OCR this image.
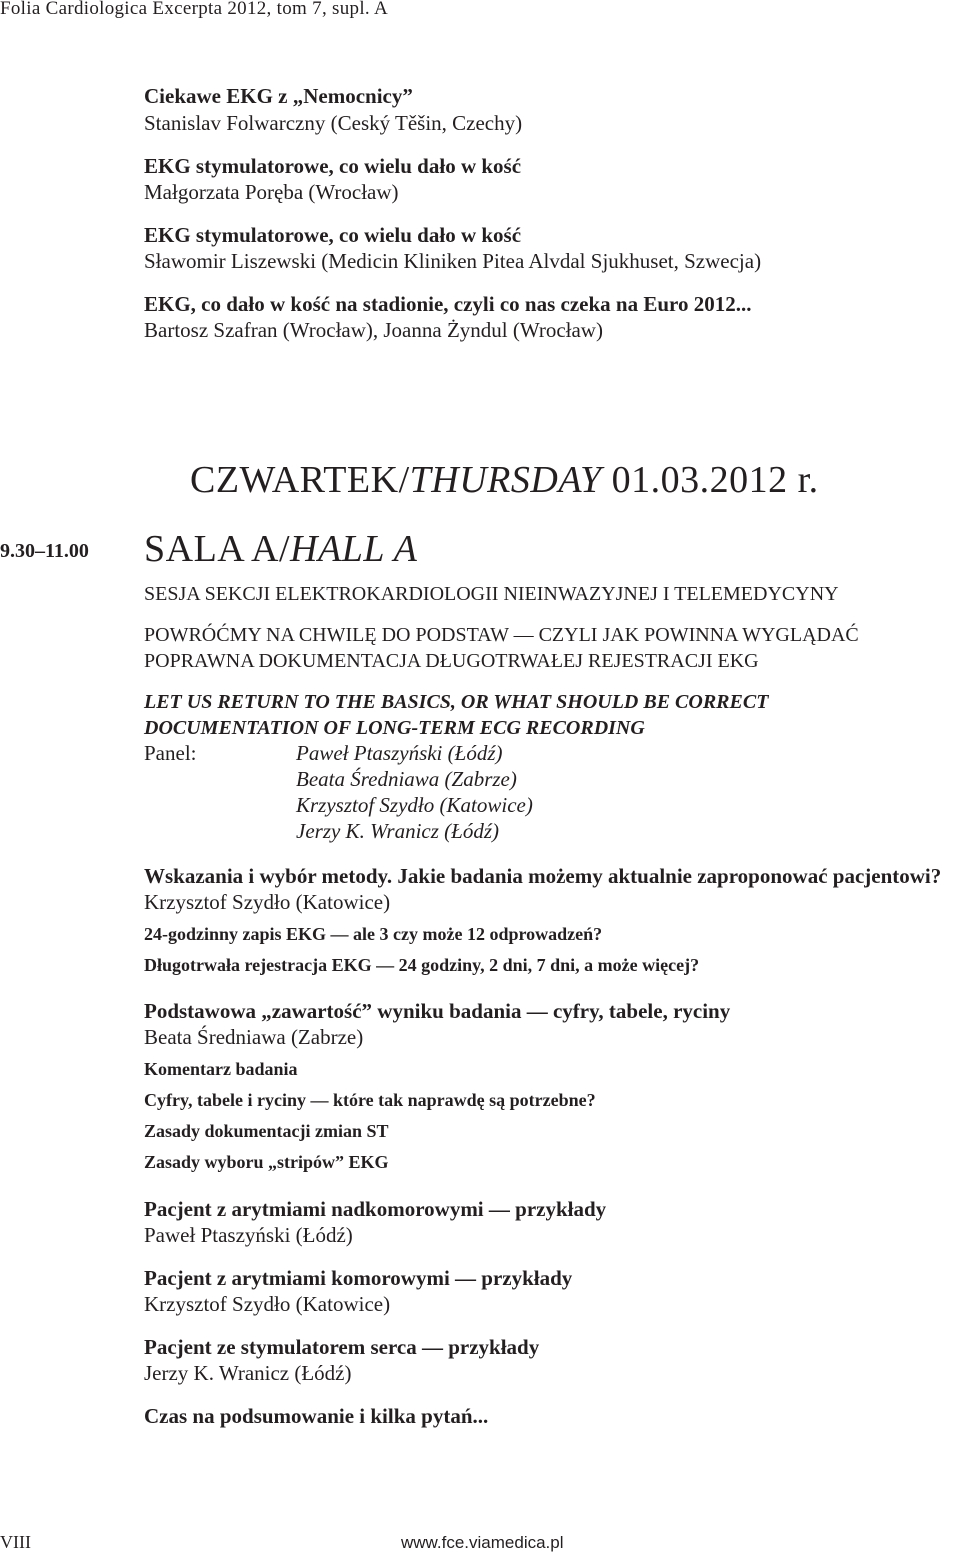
Folia Cardiologica Excerpta 2012, tom 7, supl. A
Ciekawe EKG z „Nemocnicy”
Stanislav Folwarczny (Ceský Těšin, Czechy)
EKG stymulatorowe, co wielu dało w kość
Małgorzata Poręba (Wrocław)
EKG stymulatorowe, co wielu dało w kość
Sławomir Liszewski (Medicin Kliniken Pitea Alvdal Sjukhuset, Szwecja)
EKG, co dało w kość na stadionie, czyli co nas czeka na Euro 2012...
Bartosz Szafran (Wrocław), Joanna Żyndul (Wrocław)
CZWARTEK/THURSDAY 01.03.2012 r.
9.30–11.00 SALA A/HALL A
SESJA SEKCJI ELEKTROKARDIOLOGII NIEINWAZYJNEJ I TELEMEDYCYNY
POWRÓĆMY NA CHWILĘ DO PODSTAW — CZYLI JAK POWINNA WYGLĄDAĆ
POPRAWNA DOKUMENTACJA DŁUGOTRWAŁEJ REJESTRACJI EKG
LET US RETURN TO THE BASICS, OR WHAT SHOULD BE CORRECT
DOCUMENTATION OF LONG-TERM ECG RECORDING
Panel:	Paweł Ptaszyński (Łódź)
Beata Średniawa (Zabrze)
Krzysztof Szydło (Katowice)
Jerzy K. Wranicz (Łódź)
Wskazania i wybór metody. Jakie badania możemy aktualnie zaproponować pacjentowi?
Krzysztof Szydło (Katowice)
24-godzinny zapis EKG — ale 3 czy może 12 odprowadzeń?
Długotrwała rejestracja EKG — 24 godziny, 2 dni, 7 dni, a może więcej?
Podstawowa „zawartość” wyniku badania — cyfry, tabele, ryciny
Beata Średniawa (Zabrze)
Komentarz badania
Cyfry, tabele i ryciny — które tak naprawdę są potrzebne?
Zasady dokumentacji zmian ST
Zasady wyboru „stripów” EKG
Pacjent z arytmiami nadkomorowymi — przykłady
Paweł Ptaszyński (Łódź)
Pacjent z arytmiami komorowymi — przykłady
Krzysztof Szydło (Katowice)
Pacjent ze stymulatorem serca — przykłady
Jerzy K. Wranicz (Łódź)
Czas na podsumowanie i kilka pytań...
VIII	www.fce.viamedica.pl
